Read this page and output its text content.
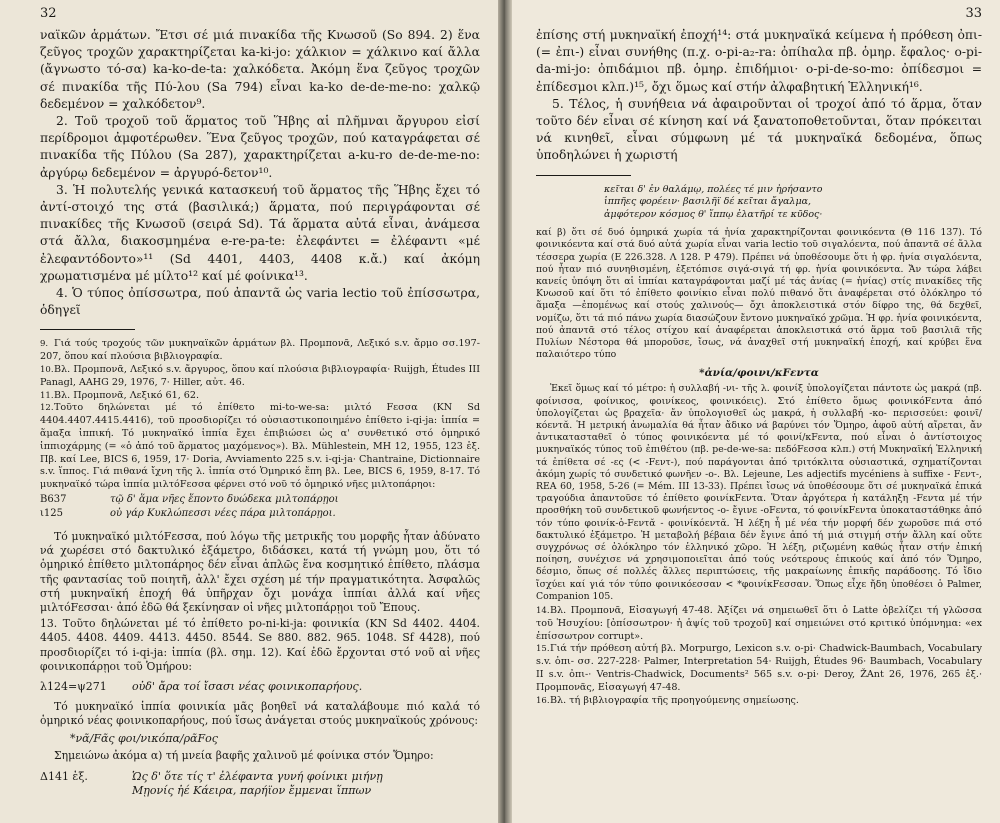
32

ναϊκῶν ἁρμάτων. Ἔτσι σέ μιά πινακίδα τῆς Κνωσοῦ (So 894. 2) ἕνα ζεῦγος τροχῶν χαρακτηρίζεται ka-ki-jo: χάλκιον = χάλκινο καί ἄλλα (ἄγνωστο τό-σα) ka-ko-de-ta: χαλκόδετα. Ἀκόμη ἕνα ζεῦγος τροχῶν σέ πινακίδα τῆς Πύ-λου (Sa 794) εἶναι ka-ko de-de-me-no: χαλκῷ δεδεμένον = χαλκόδετον⁹.

2. Τοῦ τροχοῦ τοῦ ἅρματος τοῦ Ἥβης αἱ πλῆμναι ἄργυρου εἰσί περίδρομοι ἀμφοτέρωθεν. Ἕνα ζεῦγος τροχῶν, πού καταγράφεται σέ πινακίδα τῆς Πύλου (Sa 287), χαρακτηρίζεται a-ku-ro de-de-me-no: ἀργύρῳ δεδεμένον = ἀργυρό-δετον¹⁰.

3. Ἡ πολυτελής γενικά κατασκευή τοῦ ἅρματος τῆς Ἥβης ἔχει τό ἀντί-στοιχό της στά (βασιλικά;) ἅρματα, πού περιγράφονται σέ πινακίδες τῆς Κνωσοῦ (σειρά Sd). Τά ἅρματα αὐτά εἶναι, ἀνάμεσα στά ἄλλα, διακοσμημένα e-re-pa-te: ἐλεφάντει = ἐλέφαντι «μέ ἐλεφαντόδοντο»¹¹ (Sd 4401, 4403, 4408 κ.ἄ.) καί ἀκόμη χρωματισμένα μέ μίλτο¹² καί μέ φοίνικα¹³.

4. Ὁ τύπος ὀπίσσωτρα, πού ἀπαντᾶ ὡς varia lectio τοῦ ἐπίσσωτρα, ὁδηγεῖ

9. Γιά τούς τροχούς τῶν μυκηναϊκῶν ἁρμάτων βλ. Προμπονᾶ, Λεξικό s.v. ἄρμο σσ.197-207, ὅπου καί πλούσια βιβλιογραφία.
10.Βλ. Προμπονᾶ, Λεξικό s.v. ἄργυρος, ὅπου καί πλούσια βιβλιογραφία· Ruijgh, Études III Panagl, AAHG 29, 1976, 7· Hiller, αὐτ. 46.
11.Βλ. Προμπονᾶ, Λεξικό 61, 62.
12.Τοῦτο δηλώνεται μέ τό ἐπίθετο mi-to-we-sa: μιλτό Fεσσα (KN Sd 4404.4407.4415.4416), τοῦ προσδιορίζει τό οὐσιαστικοποιημένο ἐπίθετο i-qi-ja: ἱππία = ἅμαξα ἱππική. Τό μυκηναϊκό ἱππία ἔχει ἐπιβιώσει ὡς α' συνθετικό στό ὁμηρικό ἱππιοχάρμης (= «ὁ ἀπό τοῦ ἅρματος μαχόμενος»). Βλ. Mühlestein, MH 12, 1955, 123 ἑξ. Πβ. καί Lee, BICS 6, 1959, 17· Doria, Avviamento 225 s.v. i-qi-ja· Chantraine, Dictionnaire s.v. ἵππος. Γιά πιθανά ἴχνη τῆς λ. ἱππία στό Ὁμηρικό ἔπη βλ. Lee, BICS 6, 1959, 8-17. Τό μυκηναϊκό τώρα ἱππία μιλτόFεσσα φέρνει στό νοῦ τό ὁμηρικό νῆες μιλτοπάρηοι:
B637	τῷ δ' ἅμα νῆες ἕποντο δυώδεκα μιλτοπάρῃοι
ι125	οὐ γάρ Κυκλώπεσσι νέες πάρα μιλτοπάρῃοι.

Τό μυκηναϊκό μιλτόFεσσα, πού λόγω τῆς μετρικῆς του μορφῆς ἦταν ἀδύνατο νά χωρέσει στό δακτυλικό ἑξάμετρο, διδάσκει, κατά τή γνώμη μου, ὅτι τό ὁμηρικό ἐπίθετο μιλτοπάρηος δέν εἶναι ἁπλῶς ἕνα κοσμητικό ἐπίθετο, πλάσμα τῆς φαντασίας τοῦ ποιητῆ, ἀλλ' ἔχει σχέση μέ τήν πραγματικότητα. Ἀσφαλῶς στή μυκηναϊκή ἐποχή θά ὑπῆρχαν ὄχι μονάχα ἱππίαι ἀλλά καί νῆες μιλτόFεσσαι· ἀπό ἐδῶ θά ξεκίνησαν οἱ νῆες μιλτοπάρῃοι τοῦ Ἔπους.

13. Τοῦτο δηλώνεται μέ τό ἐπίθετο po-ni-ki-ja: φοινικία (KN Sd 4402. 4404. 4405. 4408. 4409. 4413. 4450. 8544. Se 880. 882. 965. 1048. Sf 4428), πού προσδιορίζει τό i-qi-ja: ἱππία (βλ. σημ. 12). Καί ἐδῶ ἔρχονται στό νοῦ αἱ νῆες φοινικοπάρῃοι τοῦ Ὁμήρου:

λ124=ψ271	οὐδ' ἄρα τοί ἴσασι νέας φοινικοπαρήους.

Τό μυκηναϊκό ἱππία φοινικία μᾶς βοηθεῖ νά καταλάβουμε πιό καλά τό ὁμηρικό νέας φοινικοπαρήους, πού ἴσως ἀνάγεται στούς μυκηναϊκούς χρόνους:

*νᾶ/Fᾶς φοι/νικόπα/ρᾶFος

Σημειώνω ἀκόμα α) τή μνεία βαφῆς χαλινοῦ μέ φοίνικα στόν Ὅμηρο:

Δ141 ἑξ.	Ὡς δ' ὅτε τίς τ' ἐλέφαντα γυνή φοίνικι μιήνῃ
Μῃονίς ἠέ Κάειρα, παρήϊον ἔμμεναι ἵππων
33

ἐπίσης στή μυκηναϊκή ἐποχή¹⁴: στά μυκηναϊκά κείμενα ἡ πρόθεση ὀπι- (= ἐπι-) εἶναι συνήθης (π.χ. o-pi-a₂-ra: ὀπίhαλα πβ. ὁμηρ. ἔφαλος· o-pi-da-mi-jo: ὀπιδάμιοι πβ. ὁμηρ. ἐπιδήμιοι· o-pi-de-so-mo: ὀπίδεσμοι = ἐπίδεσμοι κλπ.)¹⁵, ὄχι ὅμως καί στήν ἀλφαβητική Ἑλληνική¹⁶.

5. Τέλος, ἡ συνήθεια νά ἀφαιροῦνται οἱ τροχοί ἀπό τό ἅρμα, ὅταν τοῦτο δέν εἶναι σέ κίνηση καί νά ξανατοποθετοῦνται, ὅταν πρόκειται νά κινηθεῖ, εἶναι σύμφωνη μέ τά μυκηναϊκά δεδομένα, ὅπως ὑποδηλώνει ἡ χωριστή

κεῖται δ' ἐν θαλάμῳ, πολέες τέ μιν ἠρήσαντο
ἱππῆες φορέειν· βασιλῆϊ δέ κεῖται ἄγαλμα,
ἀμφότερον κόσμος θ' ἵππῳ ἐλατῆρί τε κῦδος·

καί β) ὅτι σέ δυό ὁμηρικά χωρία τά ἡνία χαρακτηρίζονται φοινικόεντα (Θ 116 137). Τό φοινικόεντα καί στά δυό αὐτά χωρία εἶναι varia lectio τοῦ σιγαλόεντα, πού ἀπαντᾶ σέ ἄλλα τέσσερα χωρία (Ε 226.328. Λ 128. Ρ 479). Πρέπει νά ὑποθέσουμε ὅτι ἡ φρ. ἡνία σιγαλόεντα, πού ἦταν πιό συνηθισμένη, ἐξετόπισε σιγά-σιγά τή φρ. ἡνία φοινικόεντα. Ἄν τώρα λάβει κανείς ὑπόψη ὅτι αἱ ἱππίαι καταγράφονται μαζί μέ τάς ἀνίας (= ἡνίας) στίς πινακίδες τῆς Κνωσοῦ καί ὅτι τό ἐπίθετο φοινίκιο εἶναι πολύ πιθανό ὅτι ἀναφέρεται στό ὁλόκληρο τό ἅμαξα —ἐπομένως καί στούς χαλινούς— ὄχι ἀποκλειστικά στόν δίφρο της, θά δεχθεῖ, νομίζω, ὅτι τά πιό πάνω χωρία διασώζουν ἔντονο μυκηναϊκό χρῶμα. Ἡ φρ. ἡνία φοινικόεντα, πού ἀπαντᾶ στό τέλος στίχου καί ἀναφέρεται ἀποκλειστικά στό ἅρμα τοῦ βασιλιᾶ τῆς Πυλίων Νέστορα θά μποροῦσε, ἴσως, νά ἀναχθεῖ στή μυκηναϊκή ἐποχή, καί κρύβει ἕνα παλαιότερο τύπο

*ἀνία/φοινι/κFεντα

Ἐκεῖ ὅμως καί τό μέτρο: ἡ συλλαβή -νι- τῆς λ. φοινίξ ὑπολογίζεται πάντοτε ὡς μακρά (πβ. φοίνισσα, φοίνικος, φοινίκεος, φοινικόεις). Στό ἐπίθετο ὅμως φοινικόFεντα ἀπό ὑπολογίζεται ὡς βραχεῖα· ἄν ὑπολογισθεῖ ὡς μακρά, ἡ συλλαβή -κο- περισσεύει: φοινῖ/κόεντᾰ. Ἡ μετρική ἀνωμαλία θά ἦταν ἄδικο νά βαρύνει τόν Ὅμηρο, ἀφοῦ αὐτή αἴρεται, ἄν ἀντικατασταθεῖ ὁ τύπος φοινικόεντα μέ τό φοινί/κFεντα, πού εἶναι ὁ ἀντίστοιχος μυκηναϊκός τύπος τοῦ ἐπιθέτου (πβ. pe-de-we-sa: πεδόFεσσα κλπ.) στή Μυκηναϊκή Ἑλληνική τά ἐπίθετα σέ -ες (< -Fεντ-), πού παράγονται ἀπό τριτόκλιτα οὐσιαστικά, σχηματίζονται ἀκόμη χωρίς τό συνδετικό φωνῆεν -ο-. Βλ. Lejeune, Les adjectifs mycéniens à suffixe - Fεντ-, REA 60, 1958, 5-26 (= Mém. III 13-33). Πρέπει ἴσως νά ὑποθέσουμε ὅτι σέ μυκηναϊκά ἐπικά τραγούδια ἀπαντοῦσε τό ἐπίθετο φοινίκFεντα. Ὅταν ἀργότερα ἡ κατάληξη -Fεντα μέ τήν προσθήκη τοῦ συνδετικοῦ φωνήεντος -ο- ἔγινε -oFεντα, τό φοινίκFεντα ὑποκαταστάθηκε ἀπό τόν τύπο φοινίκ-ὁ-Fεντᾰ - φοινίκόεντᾰ. Ἡ λέξη ἦ μέ νέα τήν μορφή δέν χωροῦσε πιά στό δακτυλικό ἑξάμετρο. Ἡ μεταβολή βέβαια δέν ἔγινε ἀπό τή μιά στιγμή στήν ἄλλη καί οὔτε συγχρόνως σέ ὁλόκληρο τόν ἑλληνικό χῶρο. Ἡ λέξη, ριζωμένη καθώς ἦταν στήν ἐπική ποίηση, συνέχισε νά χρησιμοποιεῖται ἀπό τούς νεότερους ἐπικούς καί ἀπό τόν Ὅμηρο, δέσμιο, ὅπως σέ πολλές ἄλλες περιπτώσεις, τῆς μακραίωνης ἐπικῆς παράδοσης. Τό ἴδιο ἴσχύει καί γιά τόν τύπο φοινικόεσσαν < *φοινίκFεσσαν. Ὅπως εἶχε ἤδη ὑποθέσει ὁ Palmer, Companion 105.

14.Βλ. Προμπονᾶ, Εἰσαγωγή 47-48. Ἀξίζει νά σημειωθεῖ ὅτι ὁ Latte ὀβελίζει τή γλῶσσα τοῦ Ἡσυχίου: [ὀπίσσωτρον· ἡ ἁψίς τοῦ τροχοῦ] καί σημειώνει στό κριτικό ὑπόμνημα: «ex ἐπίσσωτρον corrupt».
15.Γιά τήν πρόθεση αὐτή βλ. Morpurgo, Lexicon s.v. o-pi· Chadwick-Baumbach, Vocabulary s.v. ὀπι- σσ. 227-228· Palmer, Interpretation 54· Ruijgh, Études 96· Baumbach, Vocabulary II s.v. ὀπι-· Ventris-Chadwick, Documents² 565 s.v. o-pi· Deroy, ŽAnt 26, 1976, 265 ἑξ.· Προμπονᾶς, Εἰσαγωγή 47-48.
16.Βλ. τή βιβλιογραφία τῆς προηγούμενης σημείωσης.
